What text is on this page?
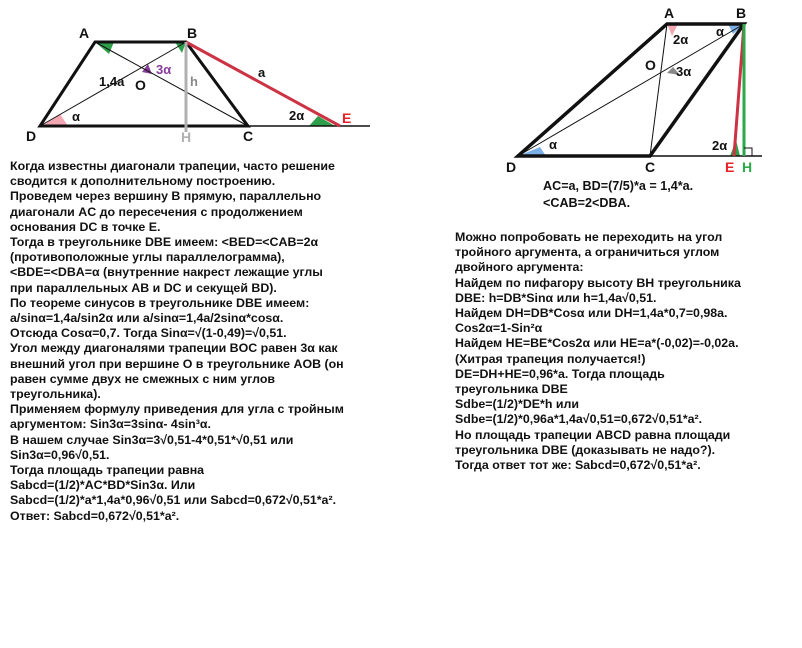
A	B
C
D
E
H
O
1,4a	h
a
α
3α
2α
A	B
C
D	E H
O
2α
α
3α
α	2α

AC=a, BD=(7/5)*a = 1,4*a.

<CAB=2<DBA.

Когда известны диагонали трапеции, часто решение

сводится к дополнительному построению.

Проведем через вершину B прямую, параллельно

диагонали AC до пересечения с продолжением

основания DC в точке E.

Тогда в треугольнике DBE имеем: <BED=<CAB=2α

(противоположные углы параллелограмма),

<BDE=<DBA=α (внутренние накрест лежащие углы

при параллельных AB и DC и секущей BD).

По теореме синусов в треугольнике DBE имеем:

a/sinα=1,4a/sin2α или a/sinα=1,4a/2sinα*cosα.

Отсюда Cosα=0,7. Тогда Sinα=√(1-0,49)=√0,51.

Угол между диагоналями трапеции BOC равен 3α как

внешний угол при вершине O в треугольнике AOB (он

равен сумме двух не смежных с ним углов

треугольника).

Применяем формулу приведения для угла с тройным

аргументом: Sin3α=3sinα- 4sin³α.

В нашем случае Sin3α=3√0,51-4*0,51*√0,51 или

Sin3α=0,96√0,51.

Тогда площадь трапеции равна

Sabcd=(1/2)*AC*BD*Sin3α. Или

Sabcd=(1/2)*a*1,4a*0,96√0,51 или Sabcd=0,672√0,51*a².

Ответ: Sabcd=0,672√0,51*a².

Можно попробовать не переходить на угол

тройного аргумента, а ограничиться углом

двойного аргумента:

Найдем по пифагору высоту BH треугольника

DBE: h=DB*Sinα или h=1,4a√0,51.

Найдем DH=DB*Cosα или DH=1,4a*0,7=0,98a.

Cos2α=1-Sin²α

Найдем HE=BE*Cos2α или HE=a*(-0,02)=-0,02a.

(Хитрая трапеция получается!)

DE=DH+HE=0,96*a. Тогда площадь

треугольника DBE

Sdbe=(1/2)*DE*h или

Sdbe=(1/2)*0,96a*1,4a√0,51=0,672√0,51*a².

Но площадь трапеции ABCD равна площади

треугольника DBE (доказывать не надо?).

Тогда ответ тот же: Sabcd=0,672√0,51*a².
